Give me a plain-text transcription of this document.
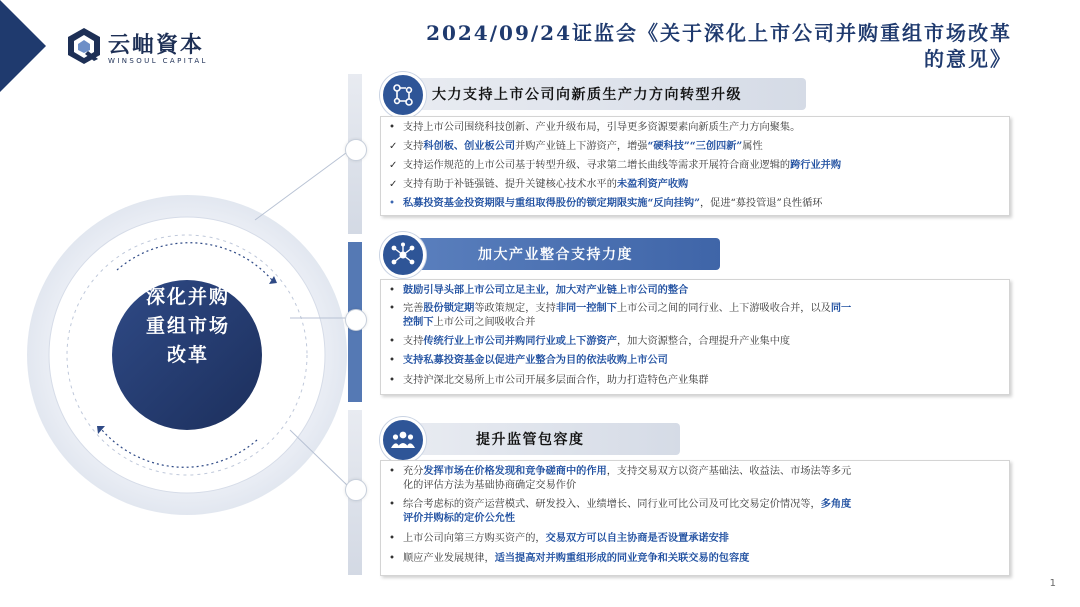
云岫資本
WINSOUL CAPITAL
2024/09/24证监会《关于深化上市公司并购重组市场改革
的意见》
深化并购
重组市场
改革
大力支持上市公司向新质生产力方向转型升级
• 支持上市公司围绕科技创新、产业升级布局，引导更多资源要素向新质生产力方向聚集。
✓ 支持科创板、创业板公司并购产业链上下游资产，增强“硬科技”“三创四新”属性
✓ 支持运作规范的上市公司基于转型升级、寻求第二增长曲线等需求开展符合商业逻辑的跨行业并购
✓ 支持有助于补链强链、提升关键核心技术水平的未盈利资产收购
• 私募投资基金投资期限与重组取得股份的锁定期限实施“反向挂钩”，促进“募投管退”良性循环
加大产业整合支持力度
• 鼓励引导头部上市公司立足主业，加大对产业链上市公司的整合
• 完善股份锁定期等政策规定，支持非同一控制下上市公司之间的同行业、上下游吸收合并，以及同一
控制下上市公司之间吸收合并
• 支持传统行业上市公司并购同行业或上下游资产，加大资源整合，合理提升产业集中度
• 支持私募投资基金以促进产业整合为目的依法收购上市公司
• 支持沪深北交易所上市公司开展多层面合作，助力打造特色产业集群
提升监管包容度
• 充分发挥市场在价格发现和竞争磋商中的作用，支持交易双方以资产基础法、收益法、市场法等多元
化的评估方法为基础协商确定交易作价
• 综合考虑标的资产运营模式、研发投入、业绩增长、同行业可比公司及可比交易定价情况等，多角度
评价并购标的定价公允性
• 上市公司向第三方购买资产的，交易双方可以自主协商是否设置承诺安排
• 顺应产业发展规律，适当提高对并购重组形成的同业竞争和关联交易的包容度
1
